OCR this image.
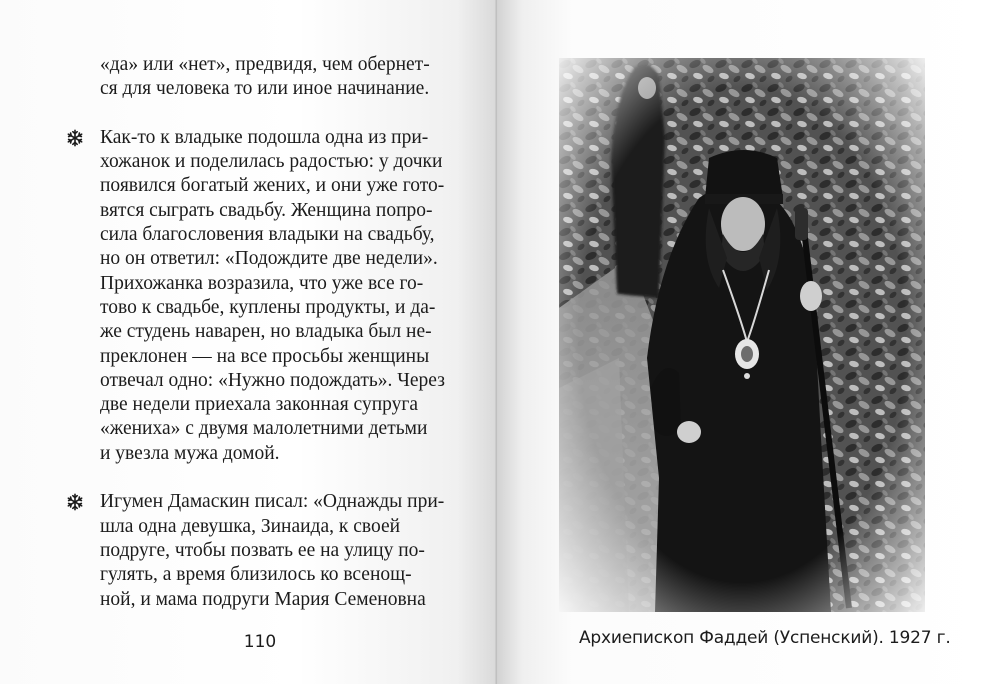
«да» или «нет», предвидя, чем обернет-
ся для человека то или иное начинание.

Как-то к владыке подошла одна из при-
хожанок и поделилась радостью: у дочки
появился богатый жених, и они уже гото-
вятся сыграть свадьбу. Женщина попро-
сила благословения владыки на свадьбу,
но он ответил: «Подождите две недели».
Прихожанка возразила, что уже все го-
тово к свадьбе, куплены продукты, и да-
же студень наварен, но владыка был не-
преклонен — на все просьбы женщины
отвечал одно: «Нужно подождать». Через
две недели приехала законная супруга
«жениха» с двумя малолетними детьми
и увезла мужа домой.

Игумен Дамаскин писал: «Однажды при-
шла одна девушка, Зинаида, к своей
подруге, чтобы позвать ее на улицу по-
гулять, а время близилось ко всенощ-
ной, и мама подруги Мария Семеновна

110	Архиепископ Фаддей (Успенский). 1927 г.
